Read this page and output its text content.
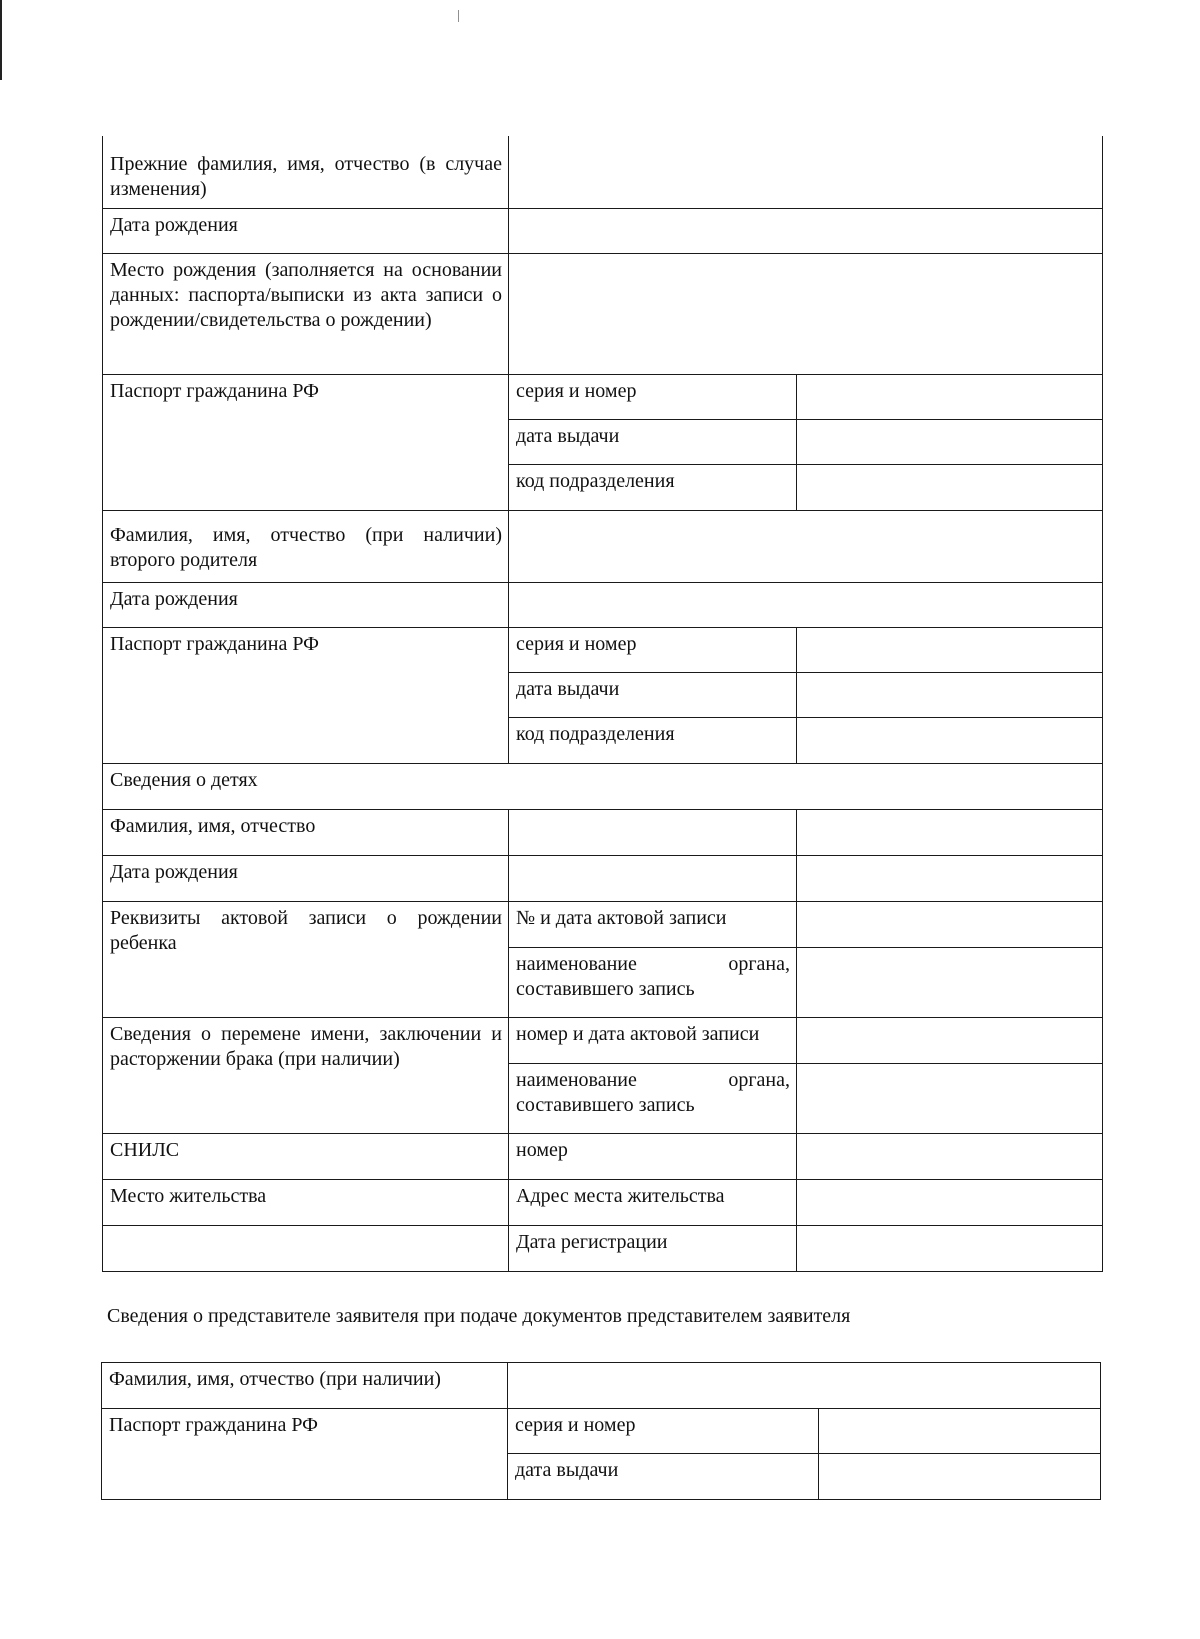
Прежние фамилия, имя, отчество (в случае изменения)		

Дата рождения		

Место рождения (заполняется на основании данных: паспорта/выписки из акта записи о рождении/свидетельства о рождении)		

Паспорт гражданина РФ	серия и номер	
	дата выдачи	
	код подразделения	

Фамилия, имя, отчество (при наличии) второго родителя		

Дата рождения		
Паспорт гражданина РФ	серия и номер	
	дата выдачи	
	код подразделения	
Сведения о детях		
Фамилия, имя, отчество		
Дата рождения		

Реквизиты актовой записи о рождении ребенка	№ и дата актовой записи	

	наименование органа, составившего запись	

Сведения о перемене имени, заключении и расторжении брака (при наличии)	номер и дата актовой записи	

	наименование органа, составившего запись	

СНИЛС	номер	
Место жительства	Адрес места жительства	
	Дата регистрации	
Сведения о представителе заявителя при подаче документов представителем заявителя
Фамилия, имя, отчество (при наличии)		
Паспорт гражданина РФ	серия и номер	
	дата выдачи	
